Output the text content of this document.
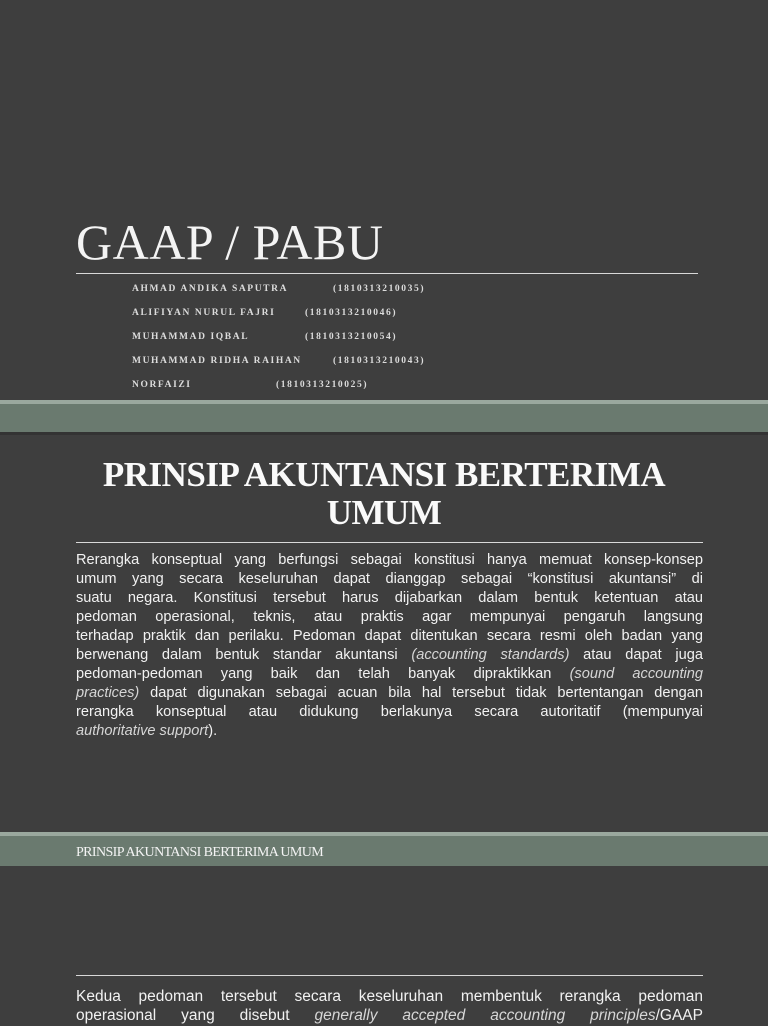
GAAP / PABU
AHMAD ANDIKA SAPUTRA	(1810313210035)
ALIFIYAN NURUL FAJRI	(1810313210046)
MUHAMMAD IQBAL	(1810313210054)
MUHAMMAD RIDHA RAIHAN	(1810313210043)
NORFAIZI	(1810313210025)
PRINSIP AKUNTANSI BERTERIMA
UMUM
Rerangka konseptual yang berfungsi sebagai konstitusi hanya memuat konsep-konsep
umum yang secara keseluruhan dapat dianggap sebagai “konstitusi akuntansi” di
suatu negara. Konstitusi tersebut harus dijabarkan dalam bentuk ketentuan atau
pedoman operasional, teknis, atau praktis agar mempunyai pengaruh langsung
terhadap praktik dan perilaku. Pedoman dapat ditentukan secara resmi oleh badan yang
berwenang dalam bentuk standar akuntansi (accounting standards) atau dapat juga
pedoman-pedoman yang baik dan telah banyak dipraktikkan (sound accounting
practices) dapat digunakan sebagai acuan bila hal tersebut tidak bertentangan dengan
rerangka konseptual atau didukung berlakunya secara autoritatif (mempunyai
authoritative support).
PRINSIP AKUNTANSI BERTERIMA UMUM
Kedua pedoman tersebut secara keseluruhan membentuk rerangka pedoman
operasional yang disebut generally accepted accounting principles/GAAP
